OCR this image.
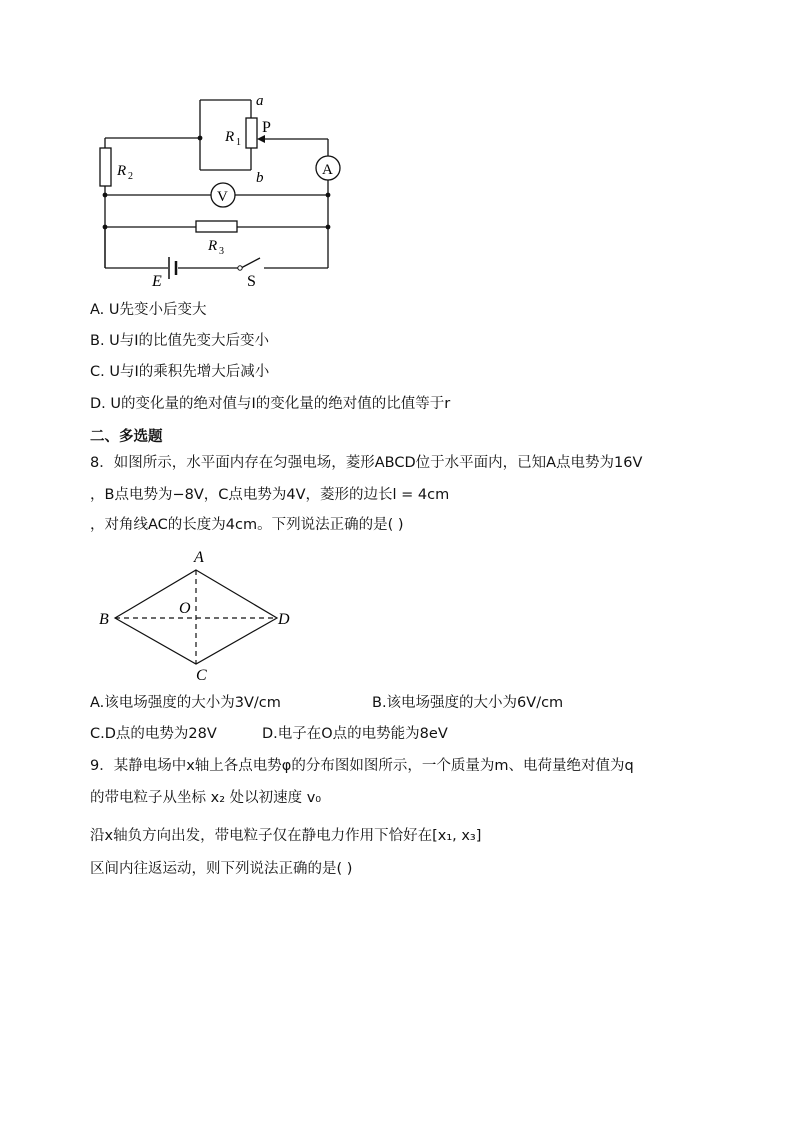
a
P
R 1
b
R 2
R 3
A
V
E	S
A. U先变小后变大
B. U与I的比值先变大后变小
C. U与I的乘积先增大后减小
D. U的变化量的绝对值与I的变化量的绝对值的比值等于r
二、多选题
8．如图所示，水平面内存在匀强电场，菱形ABCD位于水平面内，已知A点电势为16V
，B点电势为−8V，C点电势为4V，菱形的边长l = 4cm
，对角线AC的长度为4cm。下列说法正确的是( )
A
B
C
D
O
A.该电场强度的大小为3V/cm	B.该电场强度的大小为6V/cm
C.D点的电势为28V	D.电子在O点的电势能为8eV
9．某静电场中x轴上各点电势φ的分布图如图所示，一个质量为m、电荷量绝对值为q
的带电粒子从坐标 x₂ 处以初速度 v₀
沿x轴负方向出发，带电粒子仅在静电力作用下恰好在[x₁, x₃]
区间内往返运动，则下列说法正确的是( )
